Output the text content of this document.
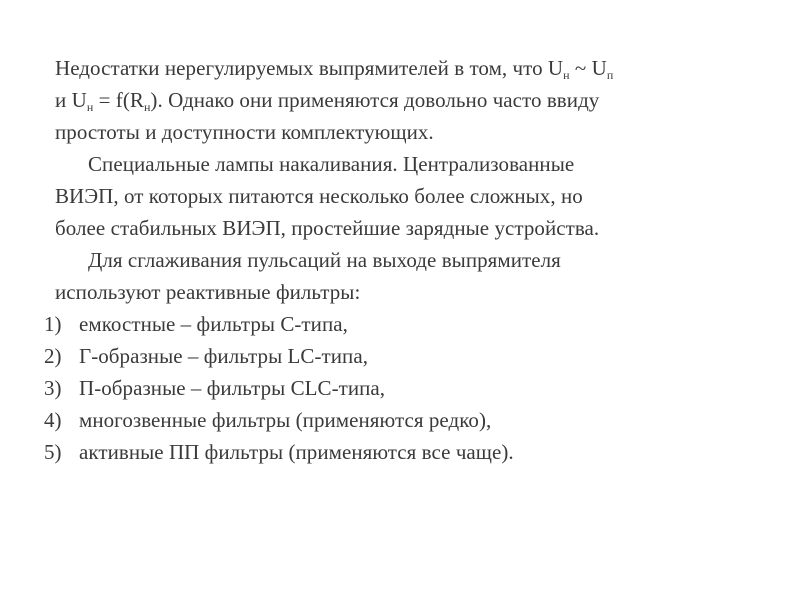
Недостатки нерегулируемых выпрямителей в том, что $U_н$ ~ $U_п$
и $U_н = f(R_н)$. Однако они применяются довольно часто ввиду
простоты и доступности комплектующих.

Специальные лампы накаливания. Централизованные
ВИЭП, от которых питаются несколько более сложных, но
более стабильных ВИЭП, простейшие зарядные устройства.

Для сглаживания пульсаций на выходе выпрямителя
используют реактивные фильтры:

1) емкостные – фильтры С-типа,
2) Г-образные – фильтры LC-типа,
3) П-образные – фильтры CLC-типа,
4) многозвенные фильтры (применяются редко),
5) активные ПП фильтры (применяются все чаще).
